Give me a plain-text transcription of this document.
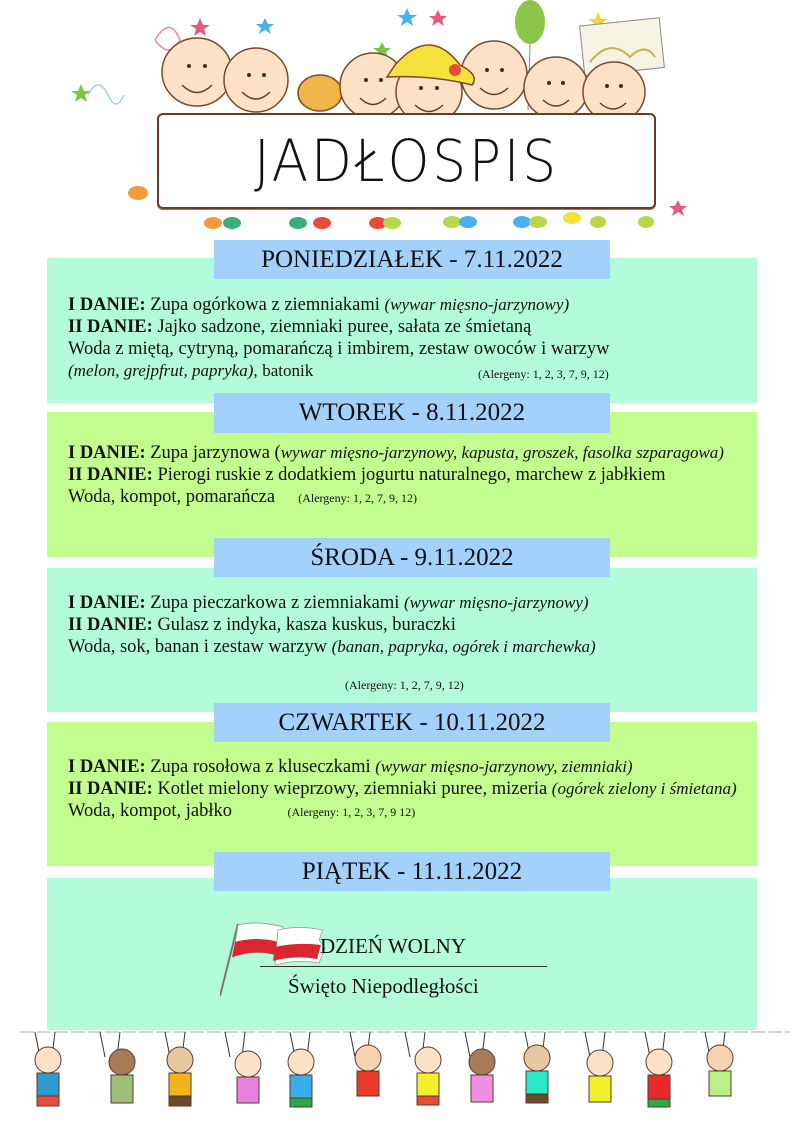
JADŁOSPIS
I DANIE: Zupa ogórkowa z ziemniakami (wywar mięsno-jarzynowy)
II DANIE: Jajko sadzone, ziemniaki puree, sałata ze śmietaną
Woda z miętą, cytryną, pomarańczą i imbirem, zestaw owoców i warzyw
(melon, grejpfrut, papryka), batonik	(Alergeny: 1, 2, 3, 7, 9, 12)
PONIEDZIAŁEK - 7.11.2022
I DANIE: Zupa jarzynowa (wywar mięsno-jarzynowy, kapusta, groszek, fasolka szparagowa)
II DANIE: Pierogi ruskie z dodatkiem jogurtu naturalnego, marchew z jabłkiem
Woda, kompot, pomarańcza (Alergeny: 1, 2, 7, 9, 12)
WTOREK - 8.11.2022
I DANIE: Zupa pieczarkowa z ziemniakami (wywar mięsno-jarzynowy)
II DANIE: Gulasz z indyka, kasza kuskus, buraczki
Woda, sok, banan i zestaw warzyw (banan, papryka, ogórek i marchewka)
(Alergeny: 1, 2, 7, 9, 12)
ŚRODA - 9.11.2022
I DANIE: Zupa rosołowa z kluseczkami (wywar mięsno-jarzynowy, ziemniaki)
II DANIE: Kotlet mielony wieprzowy, ziemniaki puree, mizeria (ogórek zielony i śmietana)
Woda, kompot, jabłko	(Alergeny: 1, 2, 3, 7, 9 12)
CZWARTEK - 10.11.2022
PIĄTEK - 11.11.2022
DZIEŃ WOLNY
Święto Niepodległości
